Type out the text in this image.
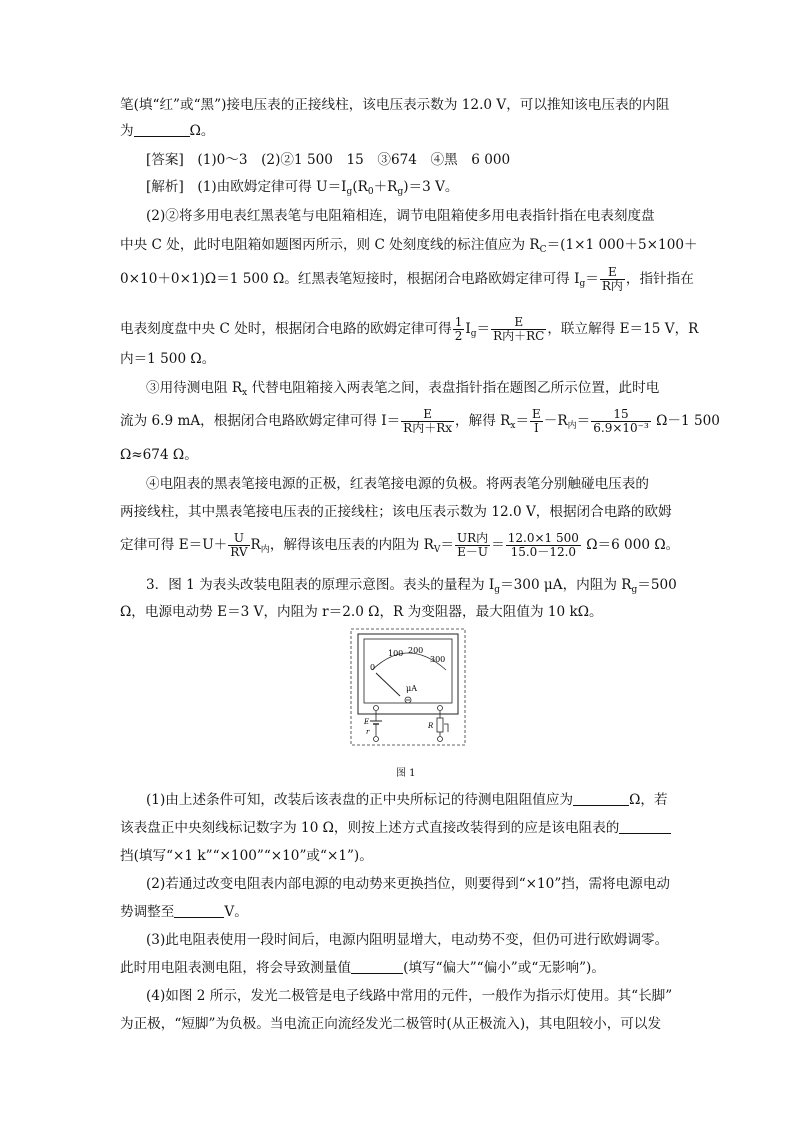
笔(填“红”或“黑”)接电压表的正接线柱，该电压表示数为 12.0 V，可以推知该电压表的内阻
为	Ω。
[答案]　(1)0～3　(2)②1 500　15　③674　④黑　6 000
[解析]　(1)由欧姆定律可得 $U=I_g(R_0+R_g)=3$ V。
(2)②将多用电表红黑表笔与电阻箱相连，调节电阻箱使多用电表指针指在电表刻度盘
中央 C 处，此时电阻箱如题图丙所示，则 C 处刻度线的标注值应为 $R_C=(1\times 1$ 000＋5×100＋
0×10＋0×1)Ω＝1 500 Ω。红黑表笔短接时，根据闭合电路欧姆定律可得 $I_g= \frac{E}{\text{R内}}$ ，指针指在
电表刻度盘中央 C 处时，根据闭合电路的欧姆定律可得 $\frac{1}{2} I_g= \frac{E}{\text{R内＋RC}}$ ，联立解得 E＝15 V，R
内＝1 500 Ω。
③用待测电阻 $R_x$ 代替电阻箱接入两表笔之间，表盘指针指在题图乙所示位置，此时电
流为 6.9 mA，根据闭合电路欧姆定律可得 $I= \frac{E}{\text{R内＋Rx}}$ ，解得 $R_x= \frac{E}{I} -R_内= \frac{15}{\text{6.9×10⁻³}} \Omega-1$ 500
Ω≈674 Ω。
④电阻表的黑表笔接电源的正极，红表笔接电源的负极。将两表笔分别触碰电压表的
两接线柱，其中黑表笔接电压表的正接线柱；该电压表示数为 12.0 V，根据闭合电路的欧姆
定律可得 $E=U+ \frac{U}{RV} R_内$，解得该电压表的内阻为 $R_V= \frac{\text{UR内}}{E-U} = \frac{12.0\times 1 500}{15.0-12.0} \Omega=6$ 000 Ω。
3．图 1 为表头改装电阻表的原理示意图。表头的量程为 $I_g=300$ μA，内阻为 $R_g=500$
Ω，电源电动势 E＝3 V，内阻为 r＝2.0 Ω，R 为变阻器，最大阻值为 10 kΩ。
0
100 200
300
μA
E
r
R
图 1
(1)由上述条件可知，改装后该表盘的正中央所标记的待测电阻阻值应为	Ω，若
该表盘正中央刻线标记数字为 10 Ω，则按上述方式直接改装得到的应是该电阻表的
挡(填写“×1 k”“×100”“×10”或“×1”)。
(2)若通过改变电阻表内部电源的电动势来更换挡位，则要得到“×10”挡，需将电源电动
势调整至	V。
(3)此电阻表使用一段时间后，电源内阻明显增大，电动势不变，但仍可进行欧姆调零。
此时用电阻表测电阻，将会导致测量值	(填写“偏大”“偏小”或“无影响”)。
(4)如图 2 所示，发光二极管是电子线路中常用的元件，一般作为指示灯使用。其“长脚”
为正极，“短脚”为负极。当电流正向流经发光二极管时(从正极流入)，其电阻较小，可以发
